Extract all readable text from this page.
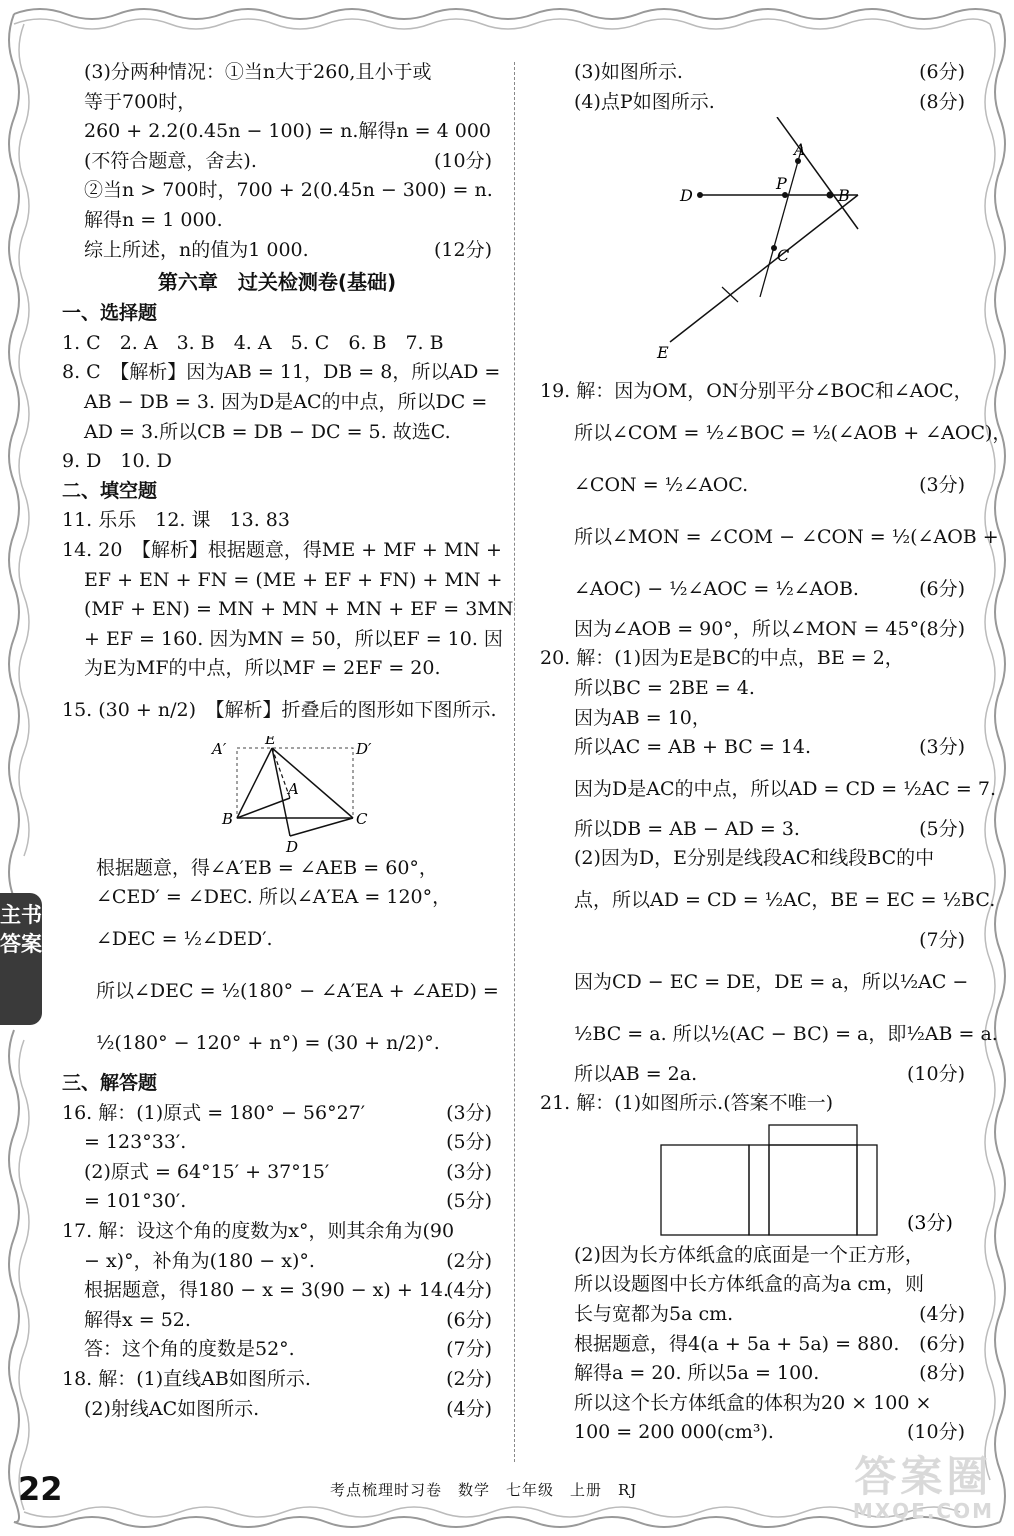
(3)分两种情况：①当n大于260,且小于或
等于700时，
260 + 2.2(0.45n − 100) = n.解得n = 4 000
(不符合题意，舍去).	(10分)
②当n > 700时，700 + 2(0.45n − 300) = n.
解得n = 1 000.
综上所述，n的值为1 000.	(12分)
第六章　过关检测卷(基础)
一、选择题
1. C　2. A　3. B　4. A　5. C　6. B　7. B
8. C　【解析】因为AB = 11，DB = 8，所以AD =
AB − DB = 3. 因为D是AC的中点，所以DC =
AD = 3.所以CB = DB − DC = 5. 故选C.
9. D　10. D
二、填空题
11. 乐乐　12. 课　13. 83
14. 20　【解析】根据题意，得ME + MF + MN +
EF + EN + FN = (ME + EF + FN) + MN +
(MF + EN) = MN + MN + MN + EF = 3MN
+ EF = 160. 因为MN = 50，所以EF = 10. 因
为E为MF的中点，所以MF = 2EF = 20.
15. (30 + n/2)　【解析】折叠后的图形如下图所示.
A′
E
D′
A
B
D
C
根据题意，得∠A′EB = ∠AEB = 60°，
∠CED′ = ∠DEC. 所以∠A′EA = 120°，
∠DEC = ½∠DED′.
所以∠DEC = ½(180° − ∠A′EA + ∠AED) =
½(180° − 120° + n°) = (30 + n/2)°.
三、解答题
16. 解：(1)原式 = 180° − 56°27′	(3分)
= 123°33′.	(5分)
(2)原式 = 64°15′ + 37°15′	(3分)
= 101°30′.	(5分)
17. 解：设这个角的度数为x°，则其余角为(90
− x)°，补角为(180 − x)°.	(2分)
根据题意，得180 − x = 3(90 − x) + 14.
(4分)
解得x = 52.	(6分)
答：这个角的度数是52°.	(7分)
18. 解：(1)直线AB如图所示.	(2分)
(2)射线AC如图所示.	(4分)
(3)如图所示.	(6分)
(4)点P如图所示.	(8分)
A
P
B
D
C
E
19. 解：因为OM，ON分别平分∠BOC和∠AOC，
所以∠COM = ½∠BOC = ½(∠AOB + ∠AOC)，
∠CON = ½∠AOC.	(3分)
所以∠MON = ∠COM − ∠CON = ½(∠AOB +
∠AOC) − ½∠AOC = ½∠AOB.	(6分)
因为∠AOB = 90°，所以∠MON = 45°.
(8分)
20. 解：(1)因为E是BC的中点，BE = 2，
所以BC = 2BE = 4.
因为AB = 10，
所以AC = AB + BC = 14.	(3分)
因为D是AC的中点，所以AD = CD = ½AC = 7.
所以DB = AB − AD = 3.	(5分)
(2)因为D，E分别是线段AC和线段BC的中
点，所以AD = CD = ½AC，BE = EC = ½BC.
(7分)
因为CD − EC = DE，DE = a，所以½AC −
½BC = a. 所以½(AC − BC) = a，即½AB = a.
所以AB = 2a.	(10分)
21. 解：(1)如图所示.(答案不唯一)
(3分)
(2)因为长方体纸盒的底面是一个正方形，
所以设题图中长方体纸盒的高为a cm，则
长与宽都为5a cm.	(4分)
根据题意，得4(a + 5a + 5a) = 880. (6分)
解得a = 20. 所以5a = 100.	(8分)
所以这个长方体纸盒的体积为20 × 100 ×
100 = 200 000(cm³).	(10分)
主书答案
22	考点梳理时习卷　数学　七年级　上册　RJ	答案圈
MXQE.COM
